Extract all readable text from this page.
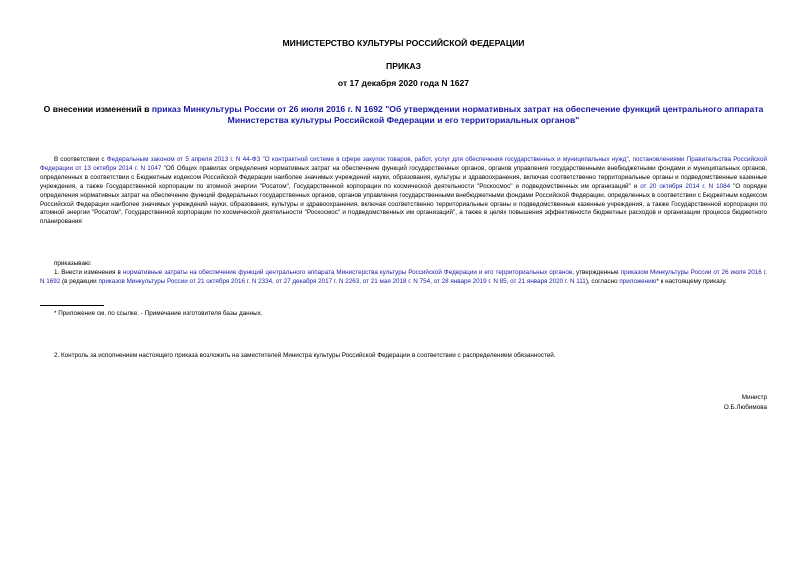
МИНИСТЕРСТВО КУЛЬТУРЫ РОССИЙСКОЙ ФЕДЕРАЦИИ
ПРИКАЗ
от 17 декабря 2020 года N 1627
О внесении изменений в приказ Минкультуры России от 26 июля 2016 г. N 1692 "Об утверждении нормативных затрат на обеспечение функций центрального аппарата Министерства культуры Российской Федерации и его территориальных органов"
В соответствии с Федеральным законом от 5 апреля 2013 г. N 44-ФЗ "О контрактной системе в сфере закупок товаров, работ, услуг для обеспечения государственных и муниципальных нужд", постановлениями Правительства Российской Федерации от 13 октября 2014 г. N 1047 "Об Общих правилах определения нормативных затрат на обеспечение функций государственных органов, органов управления государственными внебюджетными фондами и муниципальных органов, определенных в соответствии с Бюджетным кодексом Российской Федерации наиболее значимых учреждений науки, образования, культуры и здравоохранения, включая соответственно территориальные органы и подведомственные казенные учреждения, а также Государственной корпорации по атомной энергии "Росатом", Государственной корпорации по космической деятельности "Роскосмос" и подведомственных им организаций" и от 20 октября 2014 г. N 1084 "О порядке определения нормативных затрат на обеспечение функций федеральных государственных органов, органов управления государственными внебюджетными фондами Российской Федерации, определенных в соответствии с Бюджетным кодексом Российской Федерации наиболее значимых учреждений науки, образования, культуры и здравоохранения, включая соответственно территориальные органы и подведомственные казенные учреждения, а также Государственной корпорации по атомной энергии "Росатом", Государственной корпорации по космической деятельности "Роскосмос" и подведомственных им организаций", а также в целях повышения эффективности бюджетных расходов и организации процесса бюджетного планирования
приказываю:
1. Внести изменения в нормативные затраты на обеспечение функций центрального аппарата Министерства культуры Российской Федерации и его территориальных органов, утвержденные приказом Минкультуры России от 26 июля 2016 г. N 1692 (в редакции приказов Минкультуры России от 21 октября 2016 г. N 2334, от 27 декабря 2017 г. N 2263, от 21 мая 2018 г. N 754, от 28 января 2019 г. N 85, от 21 января 2020 г. N 111), согласно приложению* к настоящему приказу.
* Приложение см. по ссылке. - Примечание изготовителя базы данных.
2. Контроль за исполнением настоящего приказа возложить на заместителей Министра культуры Российской Федерации в соответствии с распределением обязанностей.
Министр
О.Б.Любимова
